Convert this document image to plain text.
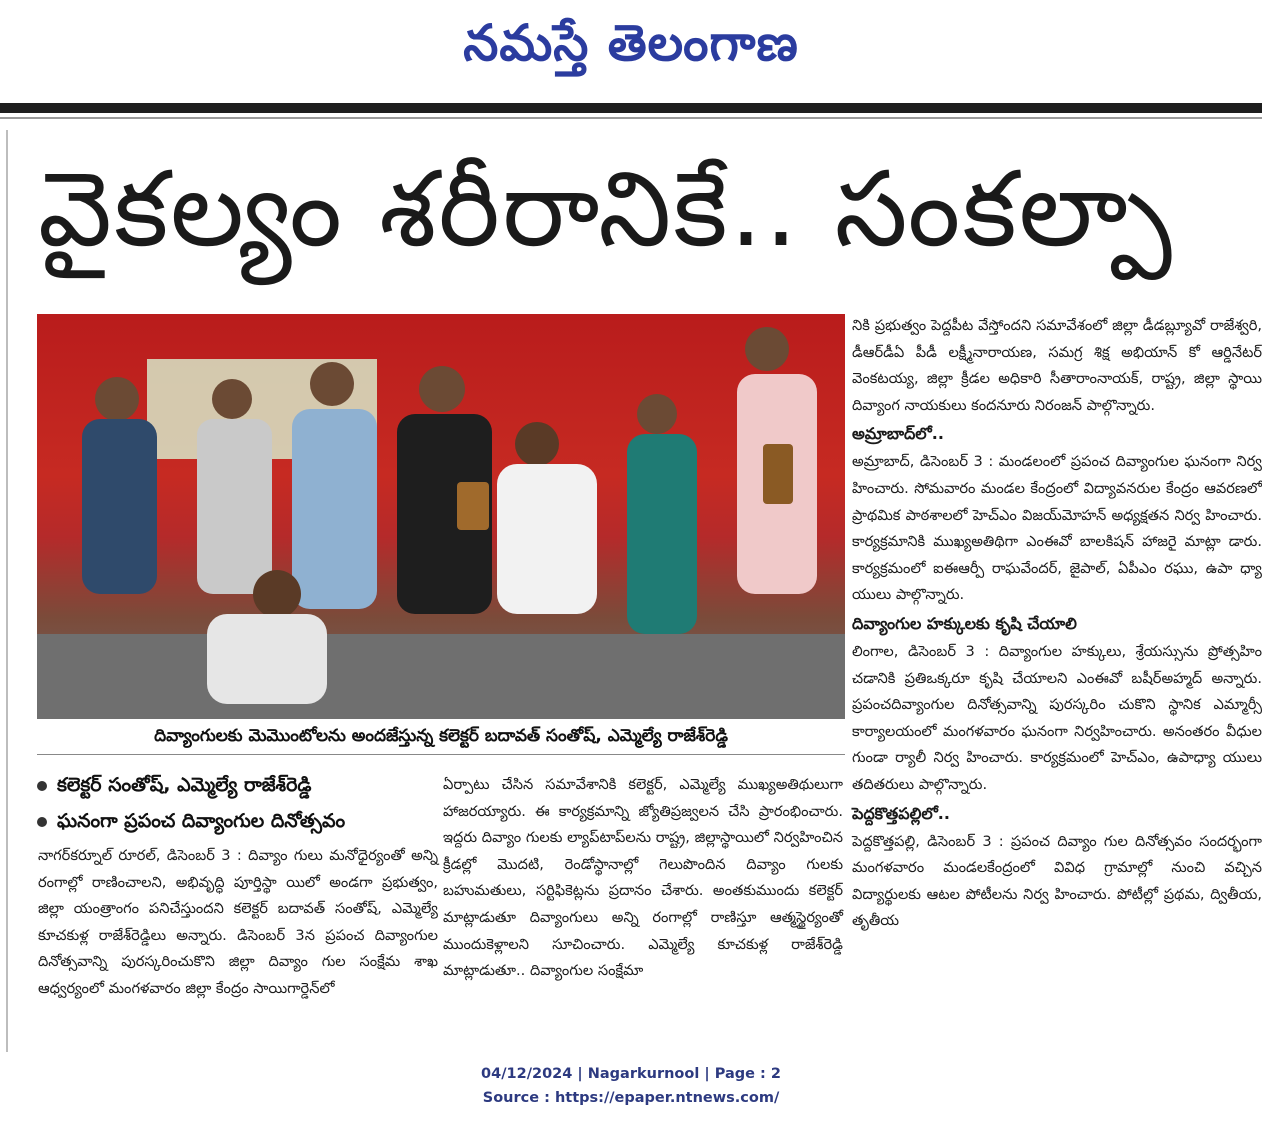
నమస్తే తెలంగాణ
వైకల్యం శరీరానికే.. సంకల్పా
దివ్యాంగులకు మెమొంటోలను అందజేస్తున్న కలెక్టర్ బదావత్ సంతోష్, ఎమ్మెల్యే రాజేశ్‌రెడ్డి
కలెక్టర్ సంతోష్, ఎమ్మెల్యే రాజేశ్‌రెడ్డి
ఘనంగా ప్రపంచ దివ్యాంగుల దినోత్సవం

నాగర్‌కర్నూల్ రూరల్, డిసెంబర్ 3 : దివ్యాం గులు మనోధైర్యంతో అన్ని రంగాల్లో రాణించాలని, అభివృద్ధి పూర్తిస్థా యిలో అండగా ప్రభుత్వం, జిల్లా యంత్రాంగం పనిచేస్తుందని కలెక్టర్ బదావత్ సంతోష్, ఎమ్మెల్యే కూచకుళ్ల రాజేశ్‌రెడ్డిలు అన్నారు. డిసెంబర్ 3న ప్రపంచ దివ్యాంగుల దినోత్సవాన్ని పురస్కరించుకొని జిల్లా దివ్యాం గుల సంక్షేమ శాఖ ఆధ్వర్యంలో మంగళవారం జిల్లా కేంద్రం సాయిగార్డెన్‌లో

ఏర్పాటు చేసిన సమావేశానికి కలెక్టర్, ఎమ్మెల్యే ముఖ్యఅతిథులుగా హాజరయ్యారు. ఈ కార్యక్రమాన్ని జ్యోతిప్రజ్వలన చేసి ప్రారంభించారు. ఇద్దరు దివ్యాం గులకు ల్యాప్‌టాప్‌లను రాష్ట్ర, జిల్లాస్థాయిలో నిర్వహించిన క్రీడల్లో మొదటి, రెండోస్థానాల్లో గెలుపొందిన దివ్యాం గులకు బహుమతులు, సర్టిఫికెట్లను ప్రదానం చేశారు. అంతకుముందు కలెక్టర్ మాట్లాడుతూ దివ్యాంగులు అన్ని రంగాల్లో రాణిస్తూ ఆత్మస్థైర్యంతో ముందుకెళ్లాలని సూచించారు. ఎమ్మెల్యే కూచకుళ్ల రాజేశ్‌రెడ్డి మాట్లాడుతూ.. దివ్యాంగుల సంక్షేమా

నికి ప్రభుత్వం పెద్దపీట వేస్తోందని సమావేశంలో జిల్లా డీడబ్ల్యూవో రాజేశ్వరి, డీఆర్‌డీఏ పీడీ లక్ష్మీనారాయణ, సమగ్ర శిక్ష అభియాన్ కో ఆర్డినేటర్ వెంకటయ్య, జిల్లా క్రీడల అధికారి సీతారాంనాయక్, రాష్ట్ర, జిల్లా స్థాయి దివ్యాంగ నాయకులు కందనూరు నిరంజన్ పాల్గొన్నారు.

అమ్రాబాద్‌లో..

అమ్రాబాద్, డిసెంబర్ 3 : మండలంలో ప్రపంచ దివ్యాంగుల ఘనంగా నిర్వ హించారు. సోమవారం మండల కేంద్రంలో విద్యావనరుల కేంద్రం ఆవరణలో ప్రాథమిక పాఠశాలలో హెచ్‌ఎం విజయ్‌మోహన్ అధ్యక్షతన నిర్వ హించారు. కార్యక్రమానికి ముఖ్యఅతిథిగా ఎంఈవో బాలకిషన్ హాజరై మాట్లా డారు. కార్యక్రమంలో ఐఈఆర్పీ రాఘవేందర్, జైపాల్, ఏపీఎం రఘు, ఉపా ధ్యా యులు పాల్గొన్నారు.

దివ్యాంగుల హక్కులకు కృషి చేయాలి

లింగాల, డిసెంబర్ 3 : దివ్యాంగుల హక్కులు, శ్రేయస్సును ప్రోత్సహిం చడానికి ప్రతిఒక్కరూ కృషి చేయాలని ఎంఈవో బషీర్‌అహ్మద్ అన్నారు. ప్రపంచదివ్యాంగుల దినోత్సవాన్ని పురస్కరిం చుకొని స్థానిక ఎమ్మార్సీ కార్యాలయంలో మంగళవారం ఘనంగా నిర్వహించారు. అనంతరం వీధుల గుండా ర్యాలీ నిర్వ హించారు. కార్యక్రమంలో హెచ్‌ఎం, ఉపాధ్యా యులు తదితరులు పాల్గొన్నారు.

పెద్దకొత్తపల్లిలో..

పెద్దకొత్తపల్లి, డిసెంబర్ 3 : ప్రపంచ దివ్యాం గుల దినోత్సవం సందర్భంగా మంగళవారం మండలకేంద్రంలో వివిధ గ్రామాల్లో నుంచి వచ్చిన విద్యార్థులకు ఆటల పోటీలను నిర్వ హించారు. పోటీల్లో ప్రథమ, ద్వితీయ, తృతీయ

04/12/2024 | Nagarkurnool | Page : 2
Source : https://epaper.ntnews.com/
